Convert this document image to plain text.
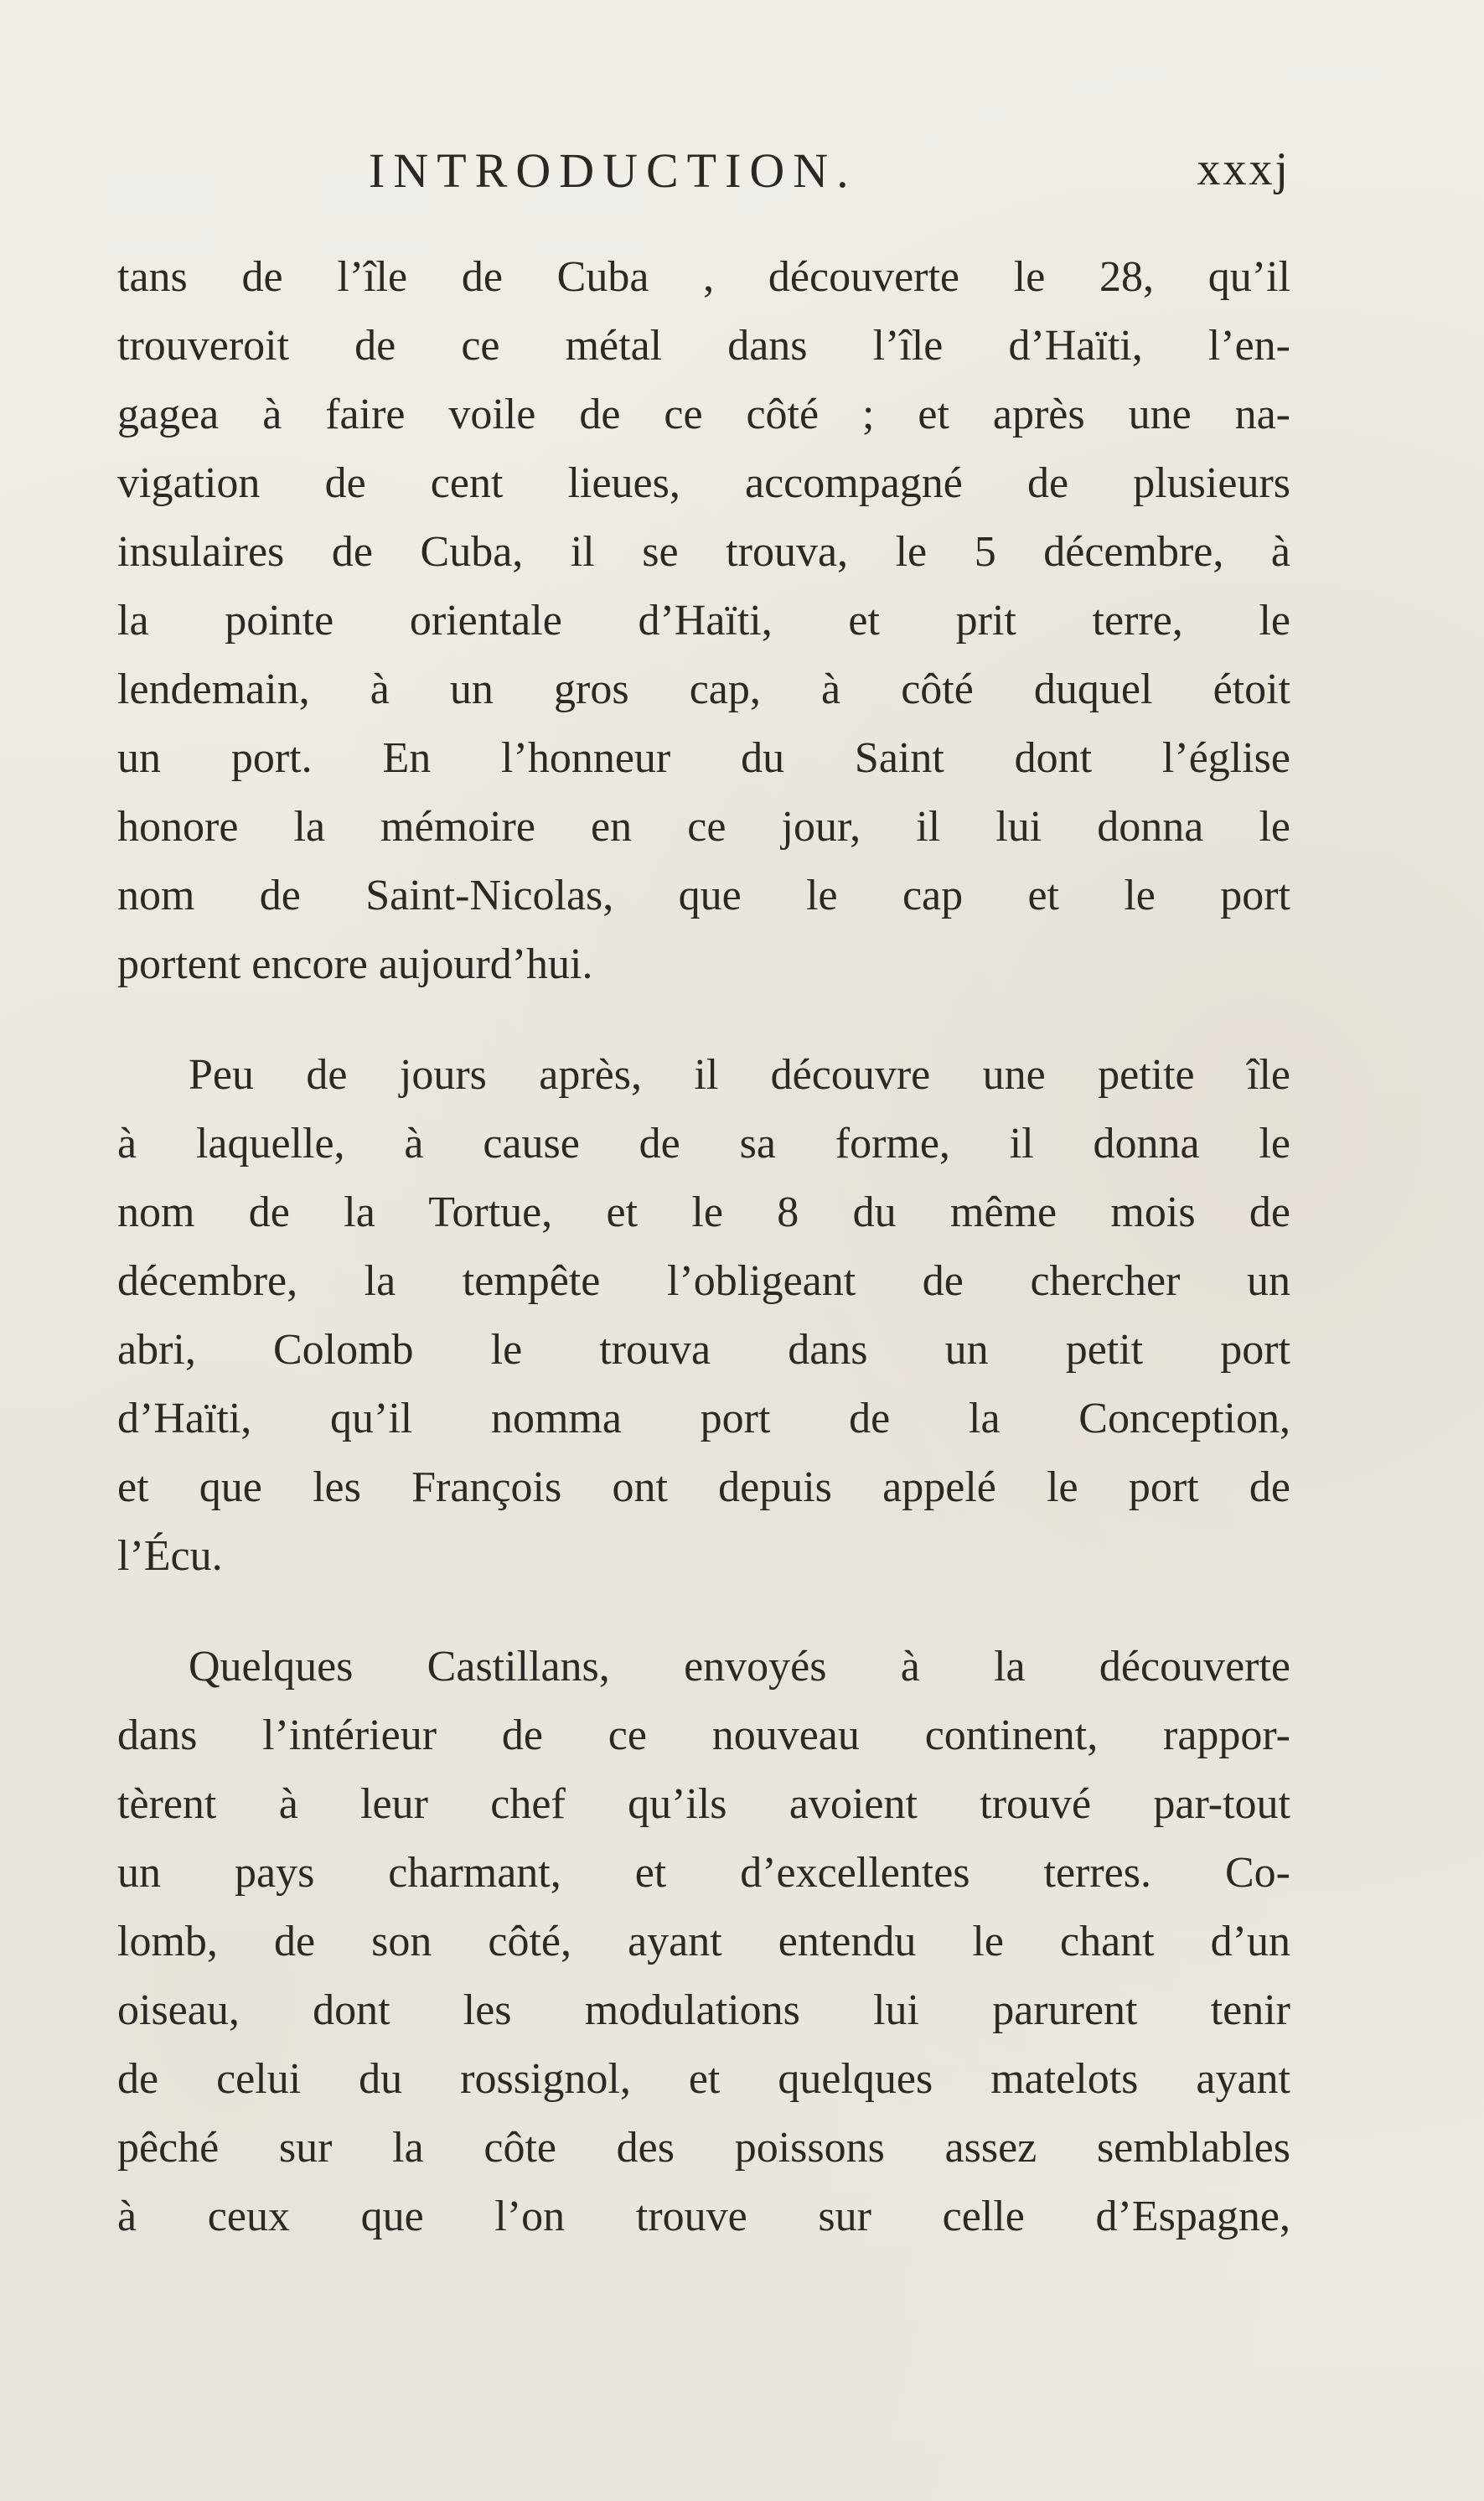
INTRODUCTION.	xxxj
tans de l’île de Cuba , découverte le 28, qu’il
trouveroit de ce métal dans l’île d’Haïti, l’en-
gagea à faire voile de ce côté ; et après une na-
vigation de cent lieues, accompagné de plusieurs
insulaires de Cuba, il se trouva, le 5 décembre, à
la pointe orientale d’Haïti, et prit terre, le
lendemain, à un gros cap, à côté duquel étoit
un port. En l’honneur du Saint dont l’église
honore la mémoire en ce jour, il lui donna le
nom de Saint-Nicolas, que le cap et le port
portent encore aujourd’hui.
Peu de jours après, il découvre une petite île
à laquelle, à cause de sa forme, il donna le
nom de la Tortue, et le 8 du même mois de
décembre, la tempête l’obligeant de chercher un
abri, Colomb le trouva dans un petit port
d’Haïti, qu’il nomma port de la Conception,
et que les François ont depuis appelé le port de
l’Écu.
Quelques Castillans, envoyés à la découverte
dans l’intérieur de ce nouveau continent, rappor-
tèrent à leur chef qu’ils avoient trouvé par-tout
un pays charmant, et d’excellentes terres. Co-
lomb, de son côté, ayant entendu le chant d’un
oiseau, dont les modulations lui parurent tenir
de celui du rossignol, et quelques matelots ayant
pêché sur la côte des poissons assez semblables
à ceux que l’on trouve sur celle d’Espagne,
